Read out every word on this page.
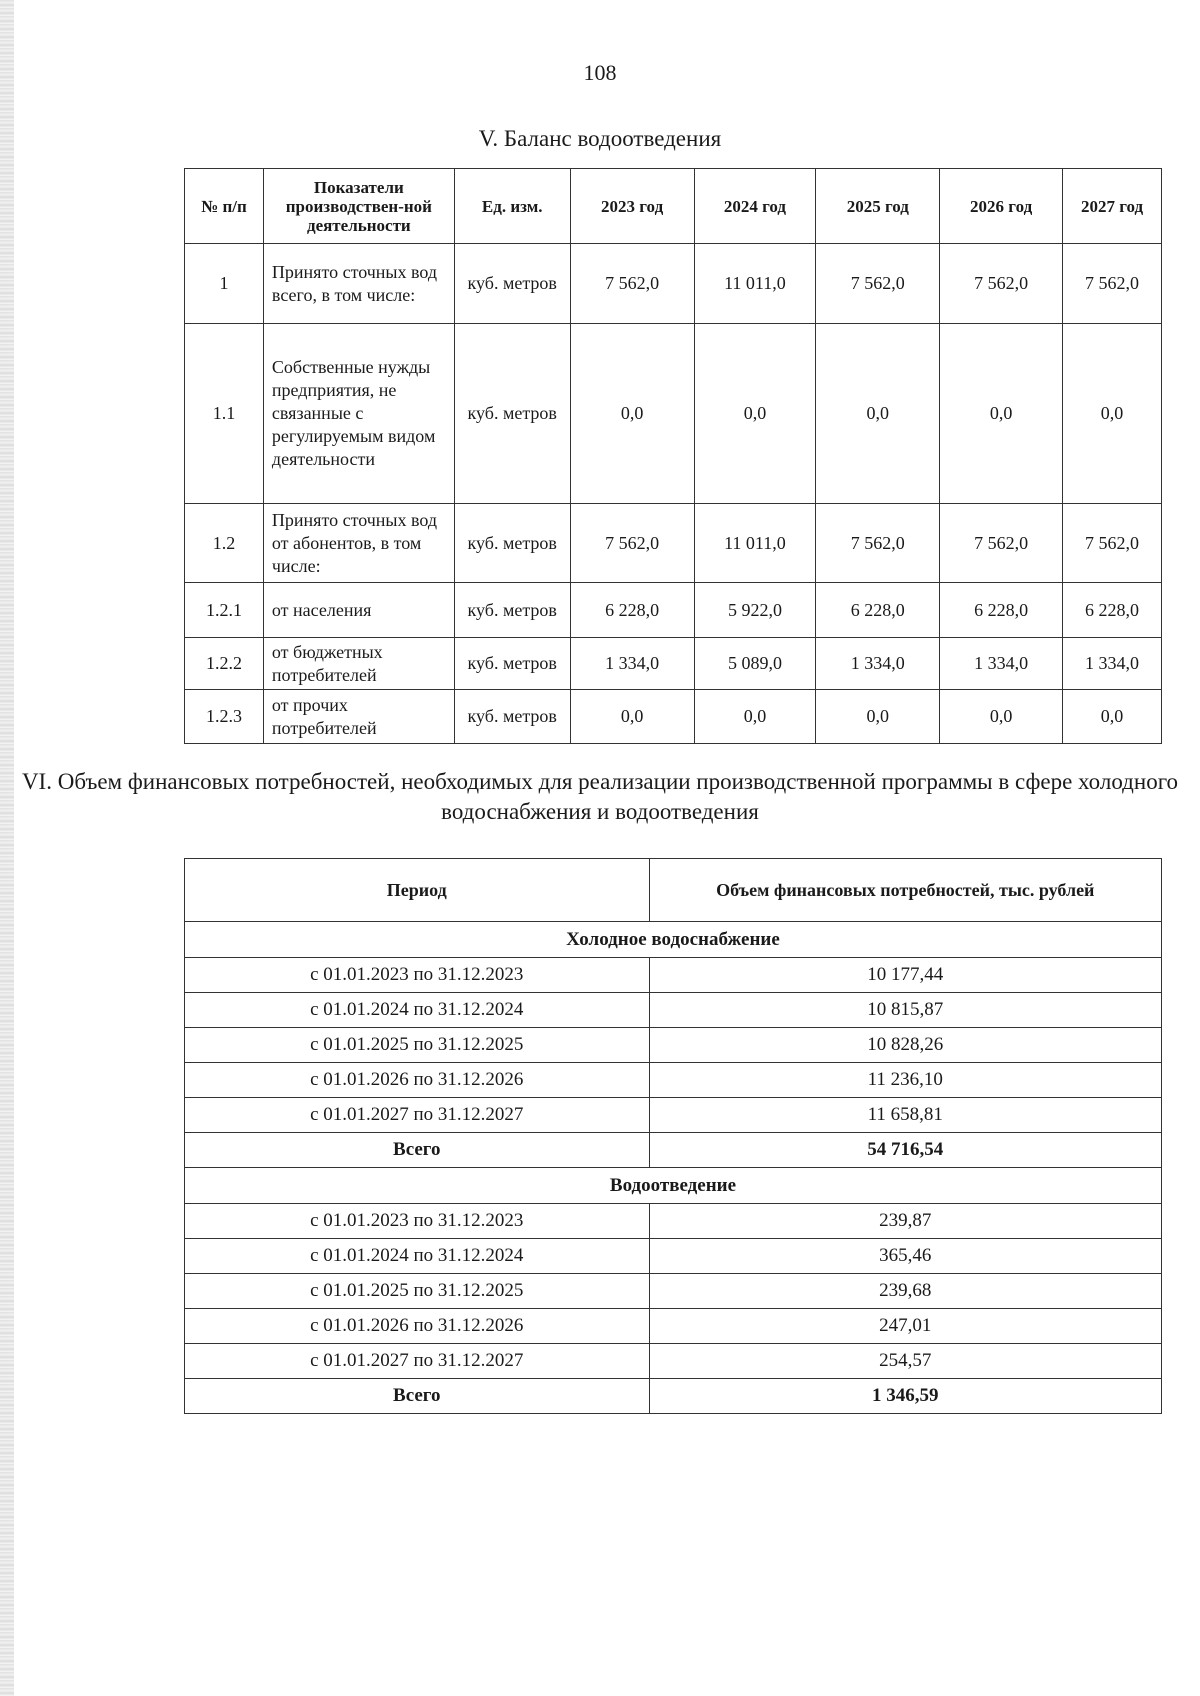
108
V. Баланс водоотведения
№ п/п	Показатели производствен-ной деятельности	Ед. изм.	2023 год	2024 год	2025 год	2026 год	2027 год
1	Принято сточных вод всего, в том числе:	куб. метров	7 562,0	11 011,0	7 562,0	7 562,0	7 562,0
1.1	Собственные нужды предприятия, не связанные с регулируемым видом деятельности	куб. метров	0,0	0,0	0,0	0,0	0,0
1.2	Принято сточных вод от абонентов, в том числе:	куб. метров	7 562,0	11 011,0	7 562,0	7 562,0	7 562,0
1.2.1	от населения	куб. метров	6 228,0	5 922,0	6 228,0	6 228,0	6 228,0
1.2.2	от бюджетных потребителей	куб. метров	1 334,0	5 089,0	1 334,0	1 334,0	1 334,0
1.2.3	от прочих потребителей	куб. метров	0,0	0,0	0,0	0,0	0,0
VI. Объем финансовых потребностей, необходимых для реализации производственной программы в сфере холодного водоснабжения и водоотведения
Период	Объем финансовых потребностей, тыс. рублей
Холодное водоснабжение	
с 01.01.2023 по 31.12.2023	10 177,44
с 01.01.2024 по 31.12.2024	10 815,87
с 01.01.2025 по 31.12.2025	10 828,26
с 01.01.2026 по 31.12.2026	11 236,10
с 01.01.2027 по 31.12.2027	11 658,81
Всего	54 716,54
Водоотведение	
с 01.01.2023 по 31.12.2023	239,87
с 01.01.2024 по 31.12.2024	365,46
с 01.01.2025 по 31.12.2025	239,68
с 01.01.2026 по 31.12.2026	247,01
с 01.01.2027 по 31.12.2027	254,57
Всего	1 346,59
